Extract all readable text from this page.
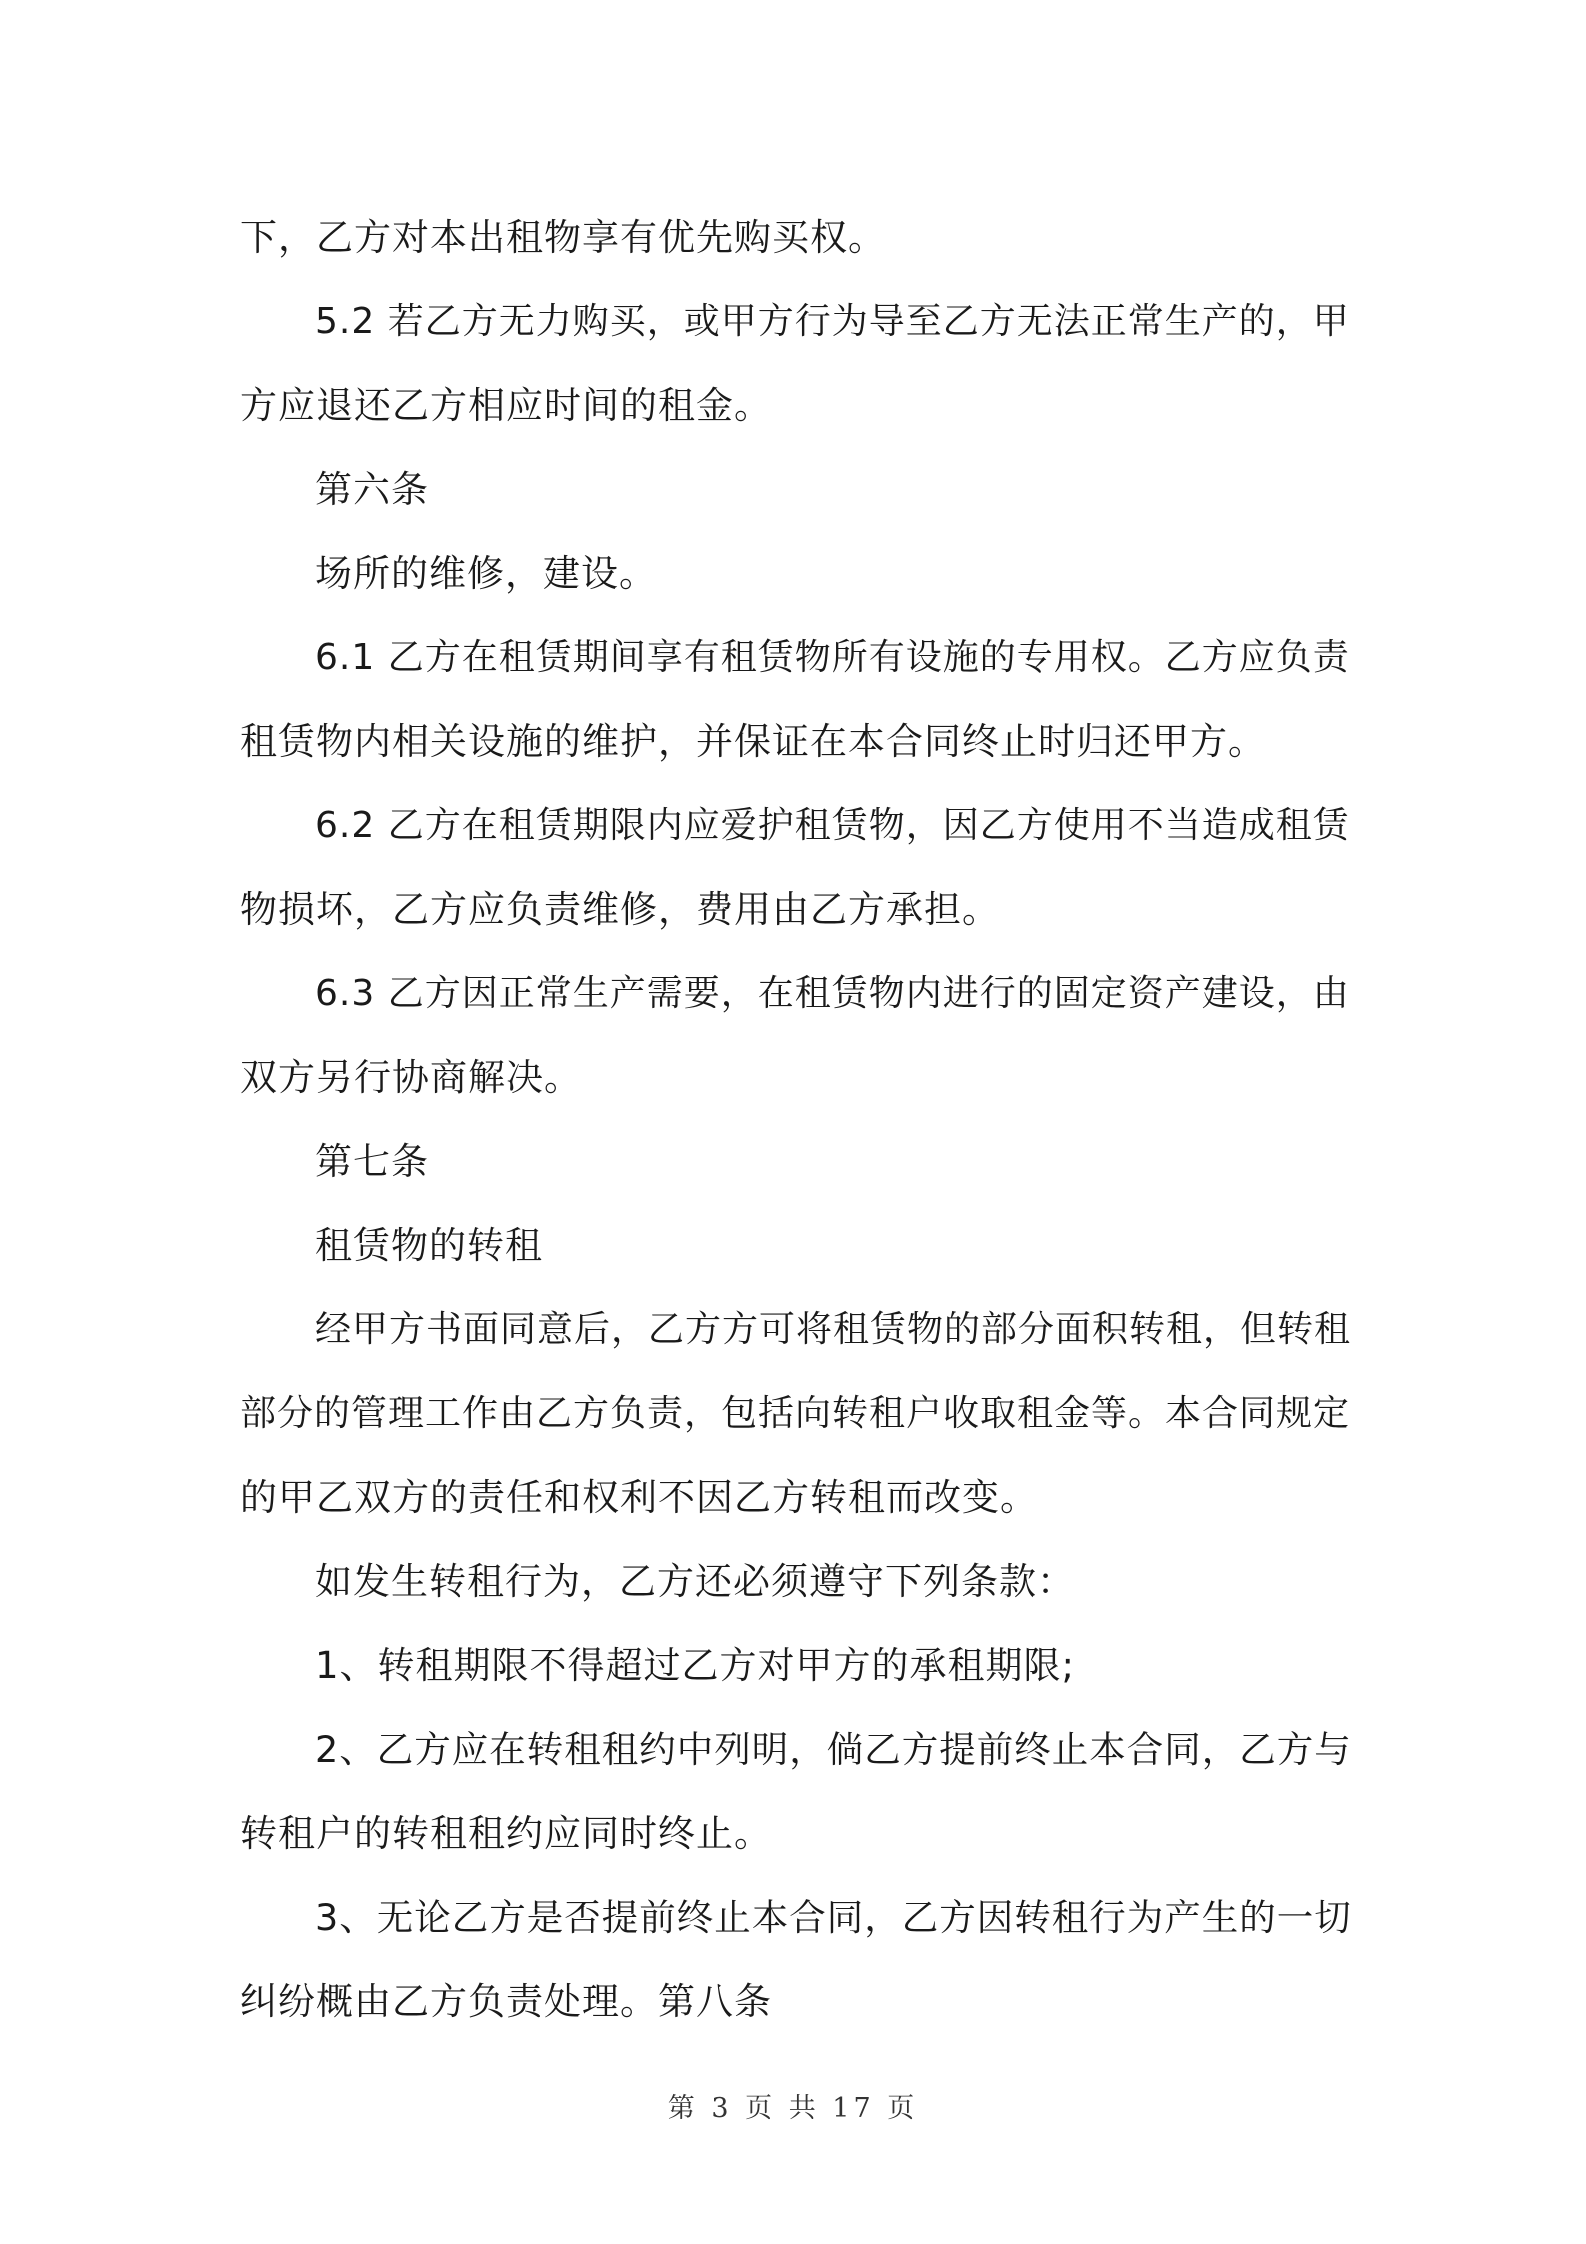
下，乙方对本出租物享有优先购买权。
5.2 若乙方无力购买，或甲方行为导至乙方无法正常生产的，甲
方应退还乙方相应时间的租金。
第六条
场所的维修，建设。
6.1 乙方在租赁期间享有租赁物所有设施的专用权。乙方应负责
租赁物内相关设施的维护，并保证在本合同终止时归还甲方。
6.2 乙方在租赁期限内应爱护租赁物，因乙方使用不当造成租赁
物损坏，乙方应负责维修，费用由乙方承担。
6.3 乙方因正常生产需要，在租赁物内进行的固定资产建设，由
双方另行协商解决。
第七条
租赁物的转租
经甲方书面同意后，乙方方可将租赁物的部分面积转租，但转租
部分的管理工作由乙方负责，包括向转租户收取租金等。本合同规定
的甲乙双方的责任和权利不因乙方转租而改变。
如发生转租行为，乙方还必须遵守下列条款：
1、转租期限不得超过乙方对甲方的承租期限;
2、乙方应在转租租约中列明，倘乙方提前终止本合同，乙方与
转租户的转租租约应同时终止。
3、无论乙方是否提前终止本合同，乙方因转租行为产生的一切
纠纷概由乙方负责处理。第八条
第 3 页 共 17 页
